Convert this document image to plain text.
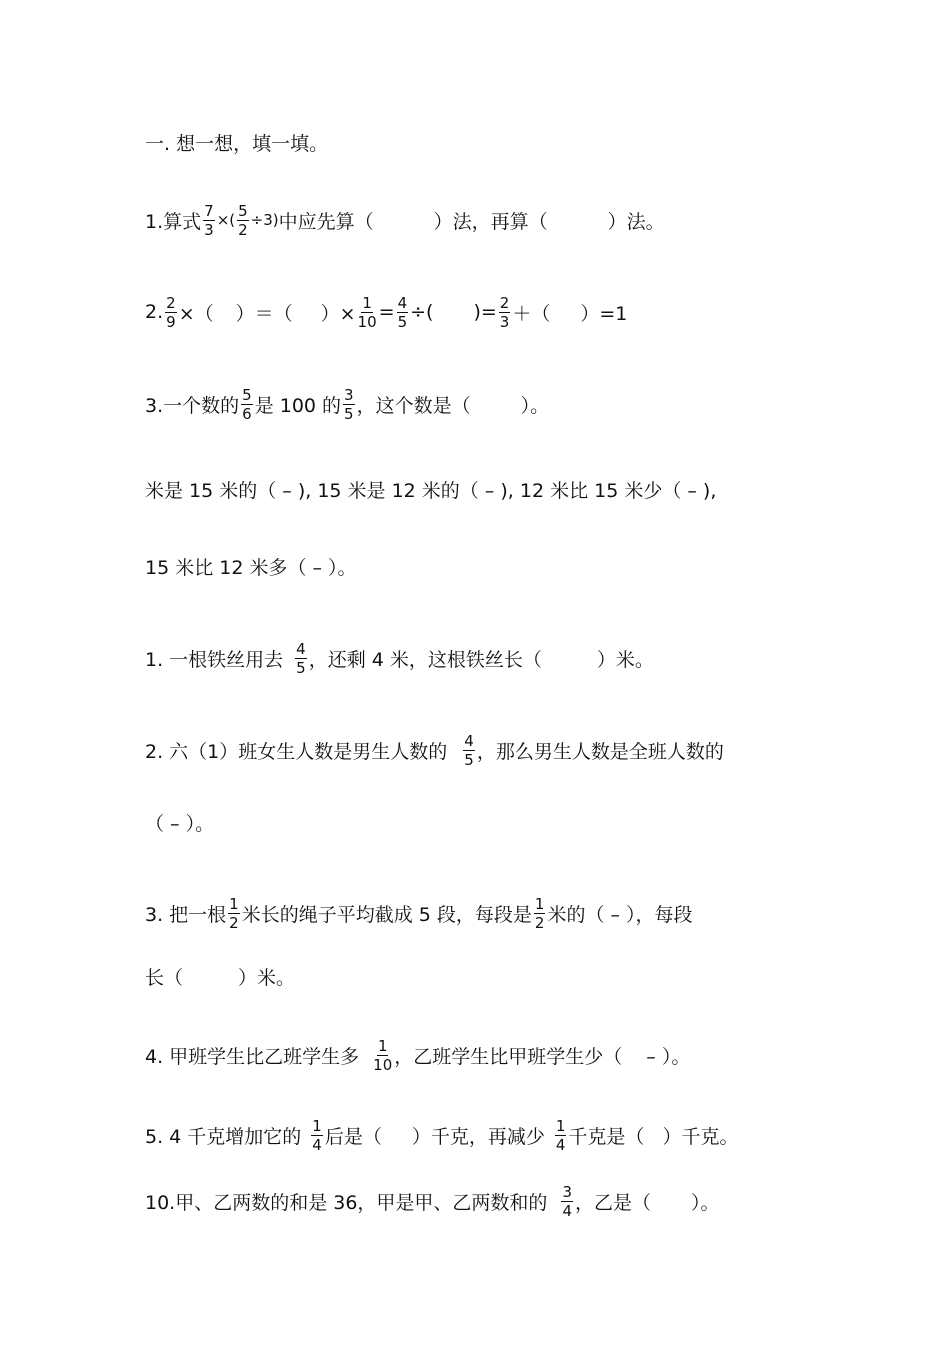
一. 想一想，填一填。
1.算式 $\frac{7}{3}$ ×( $\frac{5}{2} \div 3$) 中应先算（	）法，再算（	）法。
2. $\frac{2}{9}$ ×（ ）＝（ ）× $\frac{1}{10} = \frac{4}{5}$ ÷( )= $\frac{2}{3}$ ＋（ ）=1
3.一个数的 $\frac{5}{6}$ 是 100 的 $\frac{3}{5}$ ，这个数是（	）。
米是 15 米的（ – ), 15 米是 12 米的（ – ), 12 米比 15 米少（ – ),
15 米比 12 米多（ – ）。
1. 一根铁丝用去 $\frac{4}{5}$ ，还剩 4 米，这根铁丝长（	）米。
2. 六（1）班女生人数是男生人数的 $\frac{4}{5}$ ，那么男生人数是全班人数的
（ – ）。
3. 把一根 $\frac{1}{2}$ 米长的绳子平均截成 5 段，每段是 $\frac{1}{2}$ 米的（ – ），每段
长（	）米。
4. 甲班学生比乙班学生多 $\frac{1}{10}$ ，乙班学生比甲班学生少（ – ）。
5. 4 千克增加它的 $\frac{1}{4}$ 后是（ ）千克，再减少 $\frac{1}{4}$ 千克是（ ）千克。
10.甲、乙两数的和是 36，甲是甲、乙两数和的 $\frac{3}{4}$ ，乙是（ ）。
